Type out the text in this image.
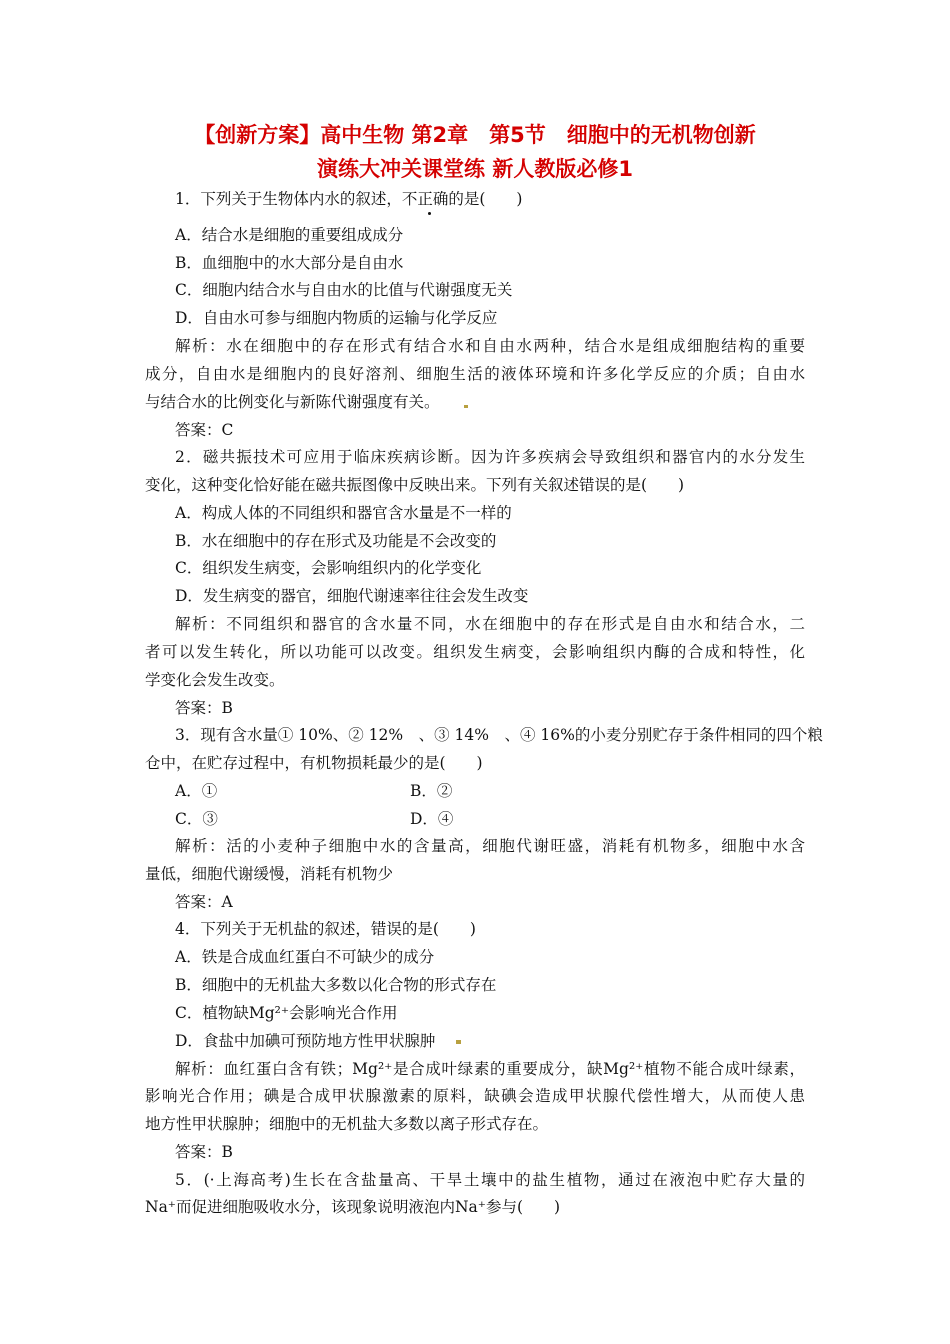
【创新方案】高中生物 第2章　第5节　细胞中的无机物创新
演练大冲关课堂练 新人教版必修1
1．下列关于生物体内水的叙述，不正确的是(　　)
A．结合水是细胞的重要组成成分
B．血细胞中的水大部分是自由水
C．细胞内结合水与自由水的比值与代谢强度无关
D．自由水可参与细胞内物质的运输与化学反应
解析：水在细胞中的存在形式有结合水和自由水两种，结合水是组成细胞结构的重要
成分，自由水是细胞内的良好溶剂、细胞生活的液体环境和许多化学反应的介质；自由水
与结合水的比例变化与新陈代谢强度有关。
答案：C
2．磁共振技术可应用于临床疾病诊断。因为许多疾病会导致组织和器官内的水分发生
变化，这种变化恰好能在磁共振图像中反映出来。下列有关叙述错误的是(　　)
A．构成人体的不同组织和器官含水量是不一样的
B．水在细胞中的存在形式及功能是不会改变的
C．组织发生病变，会影响组织内的化学变化
D．发生病变的器官，细胞代谢速率往往会发生改变
解析：不同组织和器官的含水量不同，水在细胞中的存在形式是自由水和结合水，二
者可以发生转化，所以功能可以改变。组织发生病变，会影响组织内酶的合成和特性，化
学变化会发生改变。
答案：B
3．现有含水量① 10%、② 12%　、③ 14%　、④ 16%的小麦分别贮存于条件相同的四个粮
仓中，在贮存过程中，有机物损耗最少的是(　　)
A．①	B．②
C．③	D．④
解析：活的小麦种子细胞中水的含量高，细胞代谢旺盛，消耗有机物多，细胞中水含
量低，细胞代谢缓慢，消耗有机物少
答案：A
4．下列关于无机盐的叙述，错误的是(　　)
A．铁是合成血红蛋白不可缺少的成分
B．细胞中的无机盐大多数以化合物的形式存在
C．植物缺Mg²⁺会影响光合作用
D．食盐中加碘可预防地方性甲状腺肿
解析：血红蛋白含有铁；Mg²⁺是合成叶绿素的重要成分，缺Mg²⁺植物不能合成叶绿素，
影响光合作用；碘是合成甲状腺激素的原料，缺碘会造成甲状腺代偿性增大，从而使人患
地方性甲状腺肿；细胞中的无机盐大多数以离子形式存在。
答案：B
5．(·上海高考)生长在含盐量高、干旱土壤中的盐生植物，通过在液泡中贮存大量的
Na⁺而促进细胞吸收水分，该现象说明液泡内Na⁺参与(　　)
